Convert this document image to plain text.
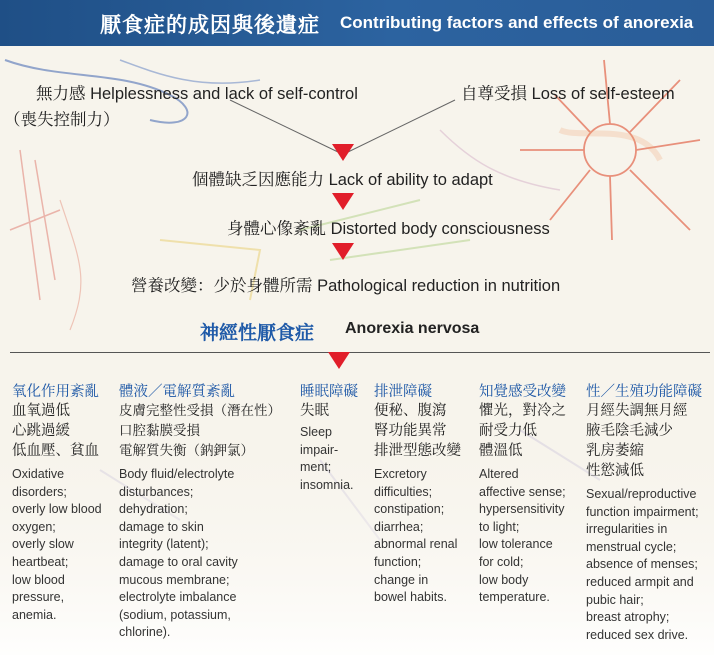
厭食症的成因與後遺症 Contributing factors and effects of anorexia
無力感 Helplessness and lack of self-control
（喪失控制力）
自尊受損 Loss of self-esteem
個體缺乏因應能力 Lack of ability to adapt
身體心像紊亂 Distorted body consciousness
營養改變：少於身體所需 Pathological reduction in nutrition
神經性厭食症 Anorexia nervosa
氧化作用紊亂
血氧過低
心跳過緩
低血壓、貧血
Oxidative
disorders;
overly low blood
oxygen;
overly slow
heartbeat;
low blood
pressure,
anemia.
體液／電解質紊亂
皮膚完整性受損（潛在性）
口腔黏膜受損
電解質失衡（鈉鉀氯）
Body fluid/electrolyte
disturbances;
dehydration;
damage to skin
integrity (latent);
damage to oral cavity
mucous membrane;
electrolyte imbalance
(sodium, potassium,
chlorine).
睡眠障礙
失眠
Sleep
impair-
ment;
insomnia.
排泄障礙
便秘、腹瀉
腎功能異常
排泄型態改變
Excretory
difficulties;
constipation;
diarrhea;
abnormal renal
function;
change in
bowel habits.
知覺感受改變
懼光，對冷之
耐受力低
體溫低
Altered
affective sense;
hypersensitivity
to light;
low tolerance
for cold;
low body
temperature.
性／生殖功能障礙
月經失調無月經
腋毛陰毛減少
乳房萎縮
性慾減低
Sexual/reproductive
function impairment;
irregularities in
menstrual cycle;
absence of menses;
reduced armpit and
pubic hair;
breast atrophy;
reduced sex drive.
